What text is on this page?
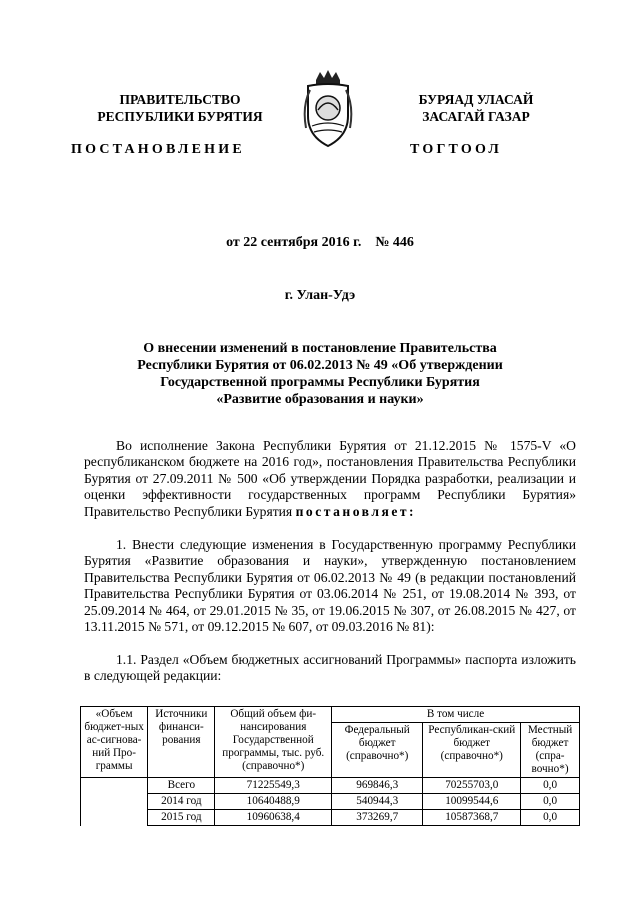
ПРАВИТЕЛЬСТВО
РЕСПУБЛИКИ БУРЯТИЯ
БУРЯАД УЛАСАЙ
ЗАСАГАЙ ГАЗАР
ПОСТАНОВЛЕНИЕ	ТОГТООЛ
от 22 сентября 2016 г.    № 446
г. Улан-Удэ
О внесении изменений в постановление Правительства
Республики Бурятия от 06.02.2013 № 49 «Об утверждении
Государственной программы Республики Бурятия
«Развитие образования и науки»
Во исполнение Закона Республики Бурятия от 21.12.2015 № 1575-V «О республиканском бюджете на 2016 год», постановления Правительства Республики Бурятия от 27.09.2011 № 500 «Об утверждении Порядка разработки, реализации и оценки эффективности государственных программ Республики Бурятия» Правительство Республики Бурятия постановляет:
1. Внести следующие изменения в Государственную программу Республики Бурятия «Развитие образования и науки», утвержденную постановлением Правительства Республики Бурятия от 06.02.2013 № 49 (в редакции постановлений Правительства Республики Бурятия от 03.06.2014 № 251, от 19.08.2014 № 393, от 25.09.2014 № 464, от 29.01.2015 № 35, от 19.06.2015 № 307, от 26.08.2015 № 427, от 13.11.2015 № 571, от 09.12.2015 № 607, от 09.03.2016 № 81):
1.1. Раздел «Объем бюджетных ассигнований Программы» паспорта изложить в следующей редакции:
«Объем бюджет-ных ас-сигнова-ний Про-граммы	Источники финанси-рования	Общий объем фи-нансирования Государственной программы, тыс. руб. (справочно*)	В том числе		
			Федеральный бюджет (справочно*)	Республикан-ский бюджет (справочно*)	Местный бюджет (спра-вочно*)
	Всего	71225549,3	969846,3	70255703,0	0,0
	2014 год	10640488,9	540944,3	10099544,6	0,0
	2015 год	10960638,4	373269,7	10587368,7	0,0
